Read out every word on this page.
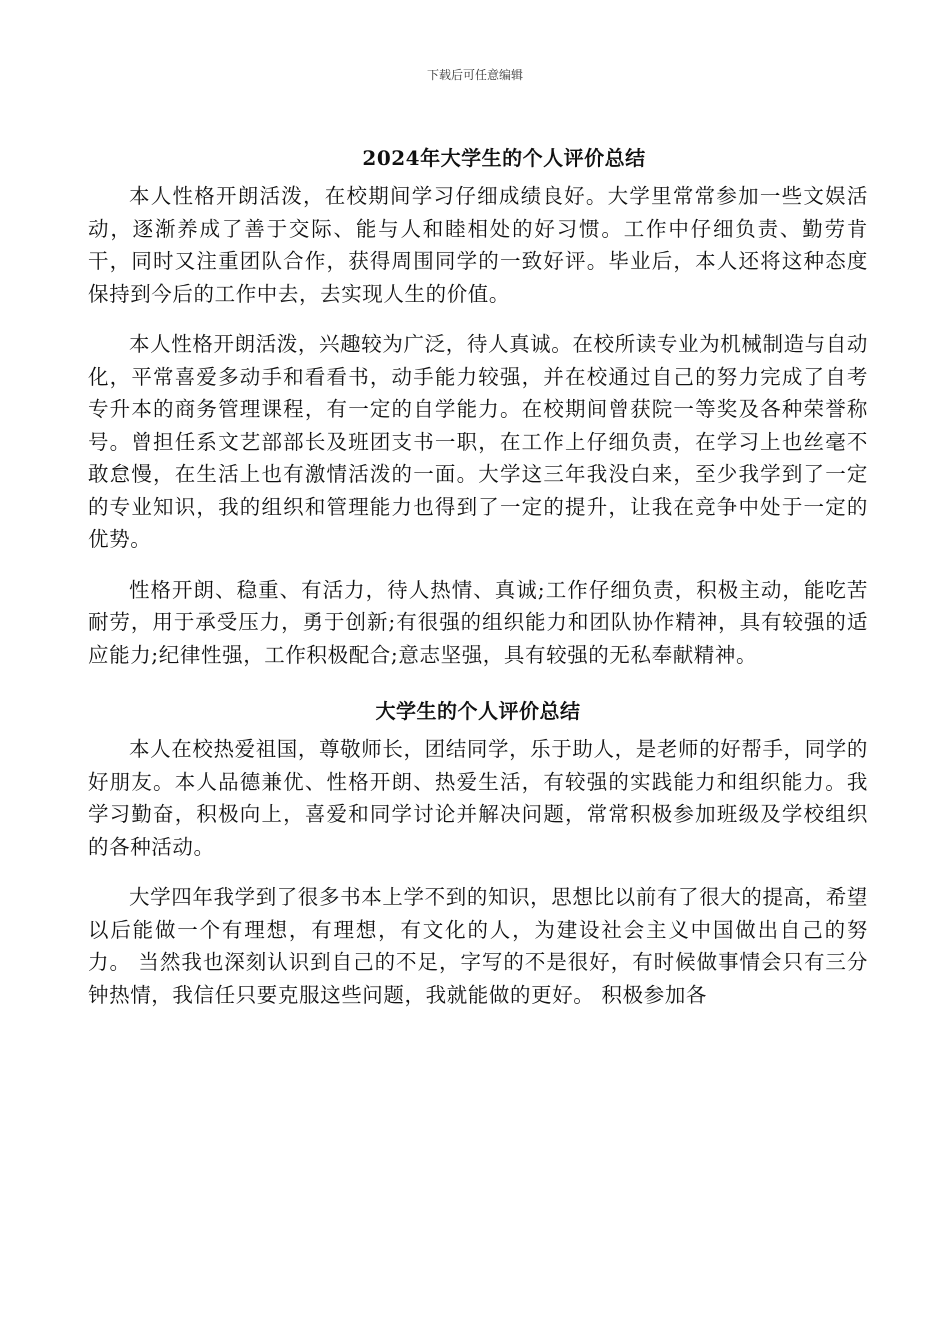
下载后可任意编辑
2024年大学生的个人评价总结

本人性格开朗活泼，在校期间学习仔细成绩良好。大学里常常参加一些文娱活动，逐渐养成了善于交际、能与人和睦相处的好习惯。工作中仔细负责、勤劳肯干，同时又注重团队合作，获得周围同学的一致好评。毕业后，本人还将这种态度保持到今后的工作中去，去实现人生的价值。

本人性格开朗活泼，兴趣较为广泛，待人真诚。在校所读专业为机械制造与自动化，平常喜爱多动手和看看书，动手能力较强，并在校通过自己的努力完成了自考专升本的商务管理课程，有一定的自学能力。在校期间曾获院一等奖及各种荣誉称号。曾担任系文艺部部长及班团支书一职，在工作上仔细负责，在学习上也丝毫不敢怠慢，在生活上也有激情活泼的一面。大学这三年我没白来，至少我学到了一定的专业知识，我的组织和管理能力也得到了一定的提升，让我在竞争中处于一定的优势。

性格开朗、稳重、有活力，待人热情、真诚;工作仔细负责，积极主动，能吃苦耐劳，用于承受压力，勇于创新;有很强的组织能力和团队协作精神，具有较强的适应能力;纪律性强，工作积极配合;意志坚强，具有较强的无私奉献精神。

大学生的个人评价总结

本人在校热爱祖国，尊敬师长，团结同学，乐于助人，是老师的好帮手，同学的好朋友。本人品德兼优、性格开朗、热爱生活，有较强的实践能力和组织能力。我学习勤奋，积极向上，喜爱和同学讨论并解决问题，常常积极参加班级及学校组织的各种活动。

大学四年我学到了很多书本上学不到的知识，思想比以前有了很大的提高，希望以后能做一个有理想，有理想，有文化的人，为建设社会主义中国做出自己的努力。 当然我也深刻认识到自己的不足，字写的不是很好，有时候做事情会只有三分钟热情，我信任只要克服这些问题，我就能做的更好。 积极参加各
